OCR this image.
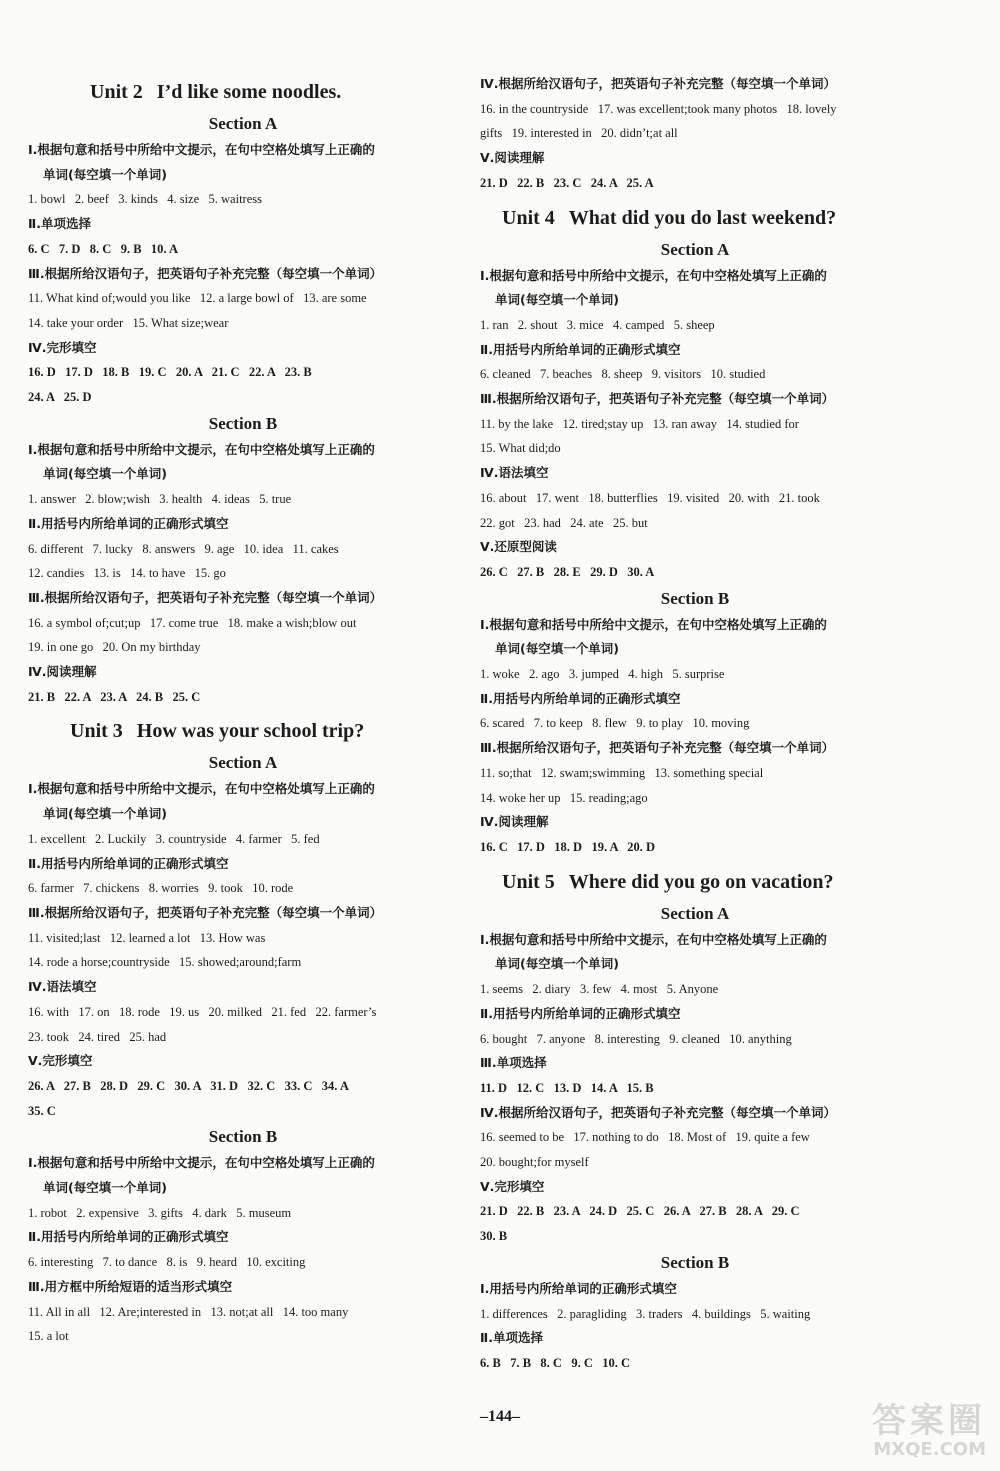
Unit 2 I’d like some noodles.
Section A
Ⅰ.根据句意和括号中所给中文提示，在句中空格处填写上正确的
单词(每空填一个单词)
1. bowl   2. beef   3. kinds   4. size   5. waitress
Ⅱ.单项选择
6. C   7. D   8. C   9. B   10. A
Ⅲ.根据所给汉语句子，把英语句子补充完整（每空填一个单词）
11. What kind of;would you like   12. a large bowl of   13. are some
14. take your order   15. What size;wear
Ⅳ.完形填空
16. D   17. D   18. B   19. C   20. A   21. C   22. A   23. B
24. A   25. D
Section B
Ⅰ.根据句意和括号中所给中文提示，在句中空格处填写上正确的
单词(每空填一个单词)
1. answer   2. blow;wish   3. health   4. ideas   5. true
Ⅱ.用括号内所给单词的正确形式填空
6. different   7. lucky   8. answers   9. age   10. idea   11. cakes
12. candies   13. is   14. to have   15. go
Ⅲ.根据所给汉语句子，把英语句子补充完整（每空填一个单词）
16. a symbol of;cut;up   17. come true   18. make a wish;blow out
19. in one go   20. On my birthday
Ⅳ.阅读理解
21. B   22. A   23. A   24. B   25. C
Unit 3 How was your school trip?
Section A
Ⅰ.根据句意和括号中所给中文提示，在句中空格处填写上正确的
单词(每空填一个单词)
1. excellent   2. Luckily   3. countryside   4. farmer   5. fed
Ⅱ.用括号内所给单词的正确形式填空
6. farmer   7. chickens   8. worries   9. took   10. rode
Ⅲ.根据所给汉语句子，把英语句子补充完整（每空填一个单词）
11. visited;last   12. learned a lot   13. How was
14. rode a horse;countryside   15. showed;around;farm
Ⅳ.语法填空
16. with   17. on   18. rode   19. us   20. milked   21. fed   22. farmer’s
23. took   24. tired   25. had
Ⅴ.完形填空
26. A   27. B   28. D   29. C   30. A   31. D   32. C   33. C   34. A
35. C
Section B
Ⅰ.根据句意和括号中所给中文提示，在句中空格处填写上正确的
单词(每空填一个单词)
1. robot   2. expensive   3. gifts   4. dark   5. museum
Ⅱ.用括号内所给单词的正确形式填空
6. interesting   7. to dance   8. is   9. heard   10. exciting
Ⅲ.用方框中所给短语的适当形式填空
11. All in all   12. Are;interested in   13. not;at all   14. too many
15. a lot
Ⅳ.根据所给汉语句子，把英语句子补充完整（每空填一个单词）
16. in the countryside   17. was excellent;took many photos   18. lovely
gifts   19. interested in   20. didn’t;at all
Ⅴ.阅读理解
21. D   22. B   23. C   24. A   25. A
Unit 4 What did you do last weekend?
Section A
Ⅰ.根据句意和括号中所给中文提示，在句中空格处填写上正确的
单词(每空填一个单词)
1. ran   2. shout   3. mice   4. camped   5. sheep
Ⅱ.用括号内所给单词的正确形式填空
6. cleaned   7. beaches   8. sheep   9. visitors   10. studied
Ⅲ.根据所给汉语句子，把英语句子补充完整（每空填一个单词）
11. by the lake   12. tired;stay up   13. ran away   14. studied for
15. What did;do
Ⅳ.语法填空
16. about   17. went   18. butterflies   19. visited   20. with   21. took
22. got   23. had   24. ate   25. but
Ⅴ.还原型阅读
26. C   27. B   28. E   29. D   30. A
Section B
Ⅰ.根据句意和括号中所给中文提示，在句中空格处填写上正确的
单词(每空填一个单词)
1. woke   2. ago   3. jumped   4. high   5. surprise
Ⅱ.用括号内所给单词的正确形式填空
6. scared   7. to keep   8. flew   9. to play   10. moving
Ⅲ.根据所给汉语句子，把英语句子补充完整（每空填一个单词）
11. so;that   12. swam;swimming   13. something special
14. woke her up   15. reading;ago
Ⅳ.阅读理解
16. C   17. D   18. D   19. A   20. D
Unit 5 Where did you go on vacation?
Section A
Ⅰ.根据句意和括号中所给中文提示，在句中空格处填写上正确的
单词(每空填一个单词)
1. seems   2. diary   3. few   4. most   5. Anyone
Ⅱ.用括号内所给单词的正确形式填空
6. bought   7. anyone   8. interesting   9. cleaned   10. anything
Ⅲ.单项选择
11. D   12. C   13. D   14. A   15. B
Ⅳ.根据所给汉语句子，把英语句子补充完整（每空填一个单词）
16. seemed to be   17. nothing to do   18. Most of   19. quite a few
20. bought;for myself
Ⅴ.完形填空
21. D   22. B   23. A   24. D   25. C   26. A   27. B   28. A   29. C
30. B
Section B
Ⅰ.用括号内所给单词的正确形式填空
1. differences   2. paragliding   3. traders   4. buildings   5. waiting
Ⅱ.单项选择
6. B   7. B   8. C   9. C   10. C
–144–	答案圈
MXQE.COM
